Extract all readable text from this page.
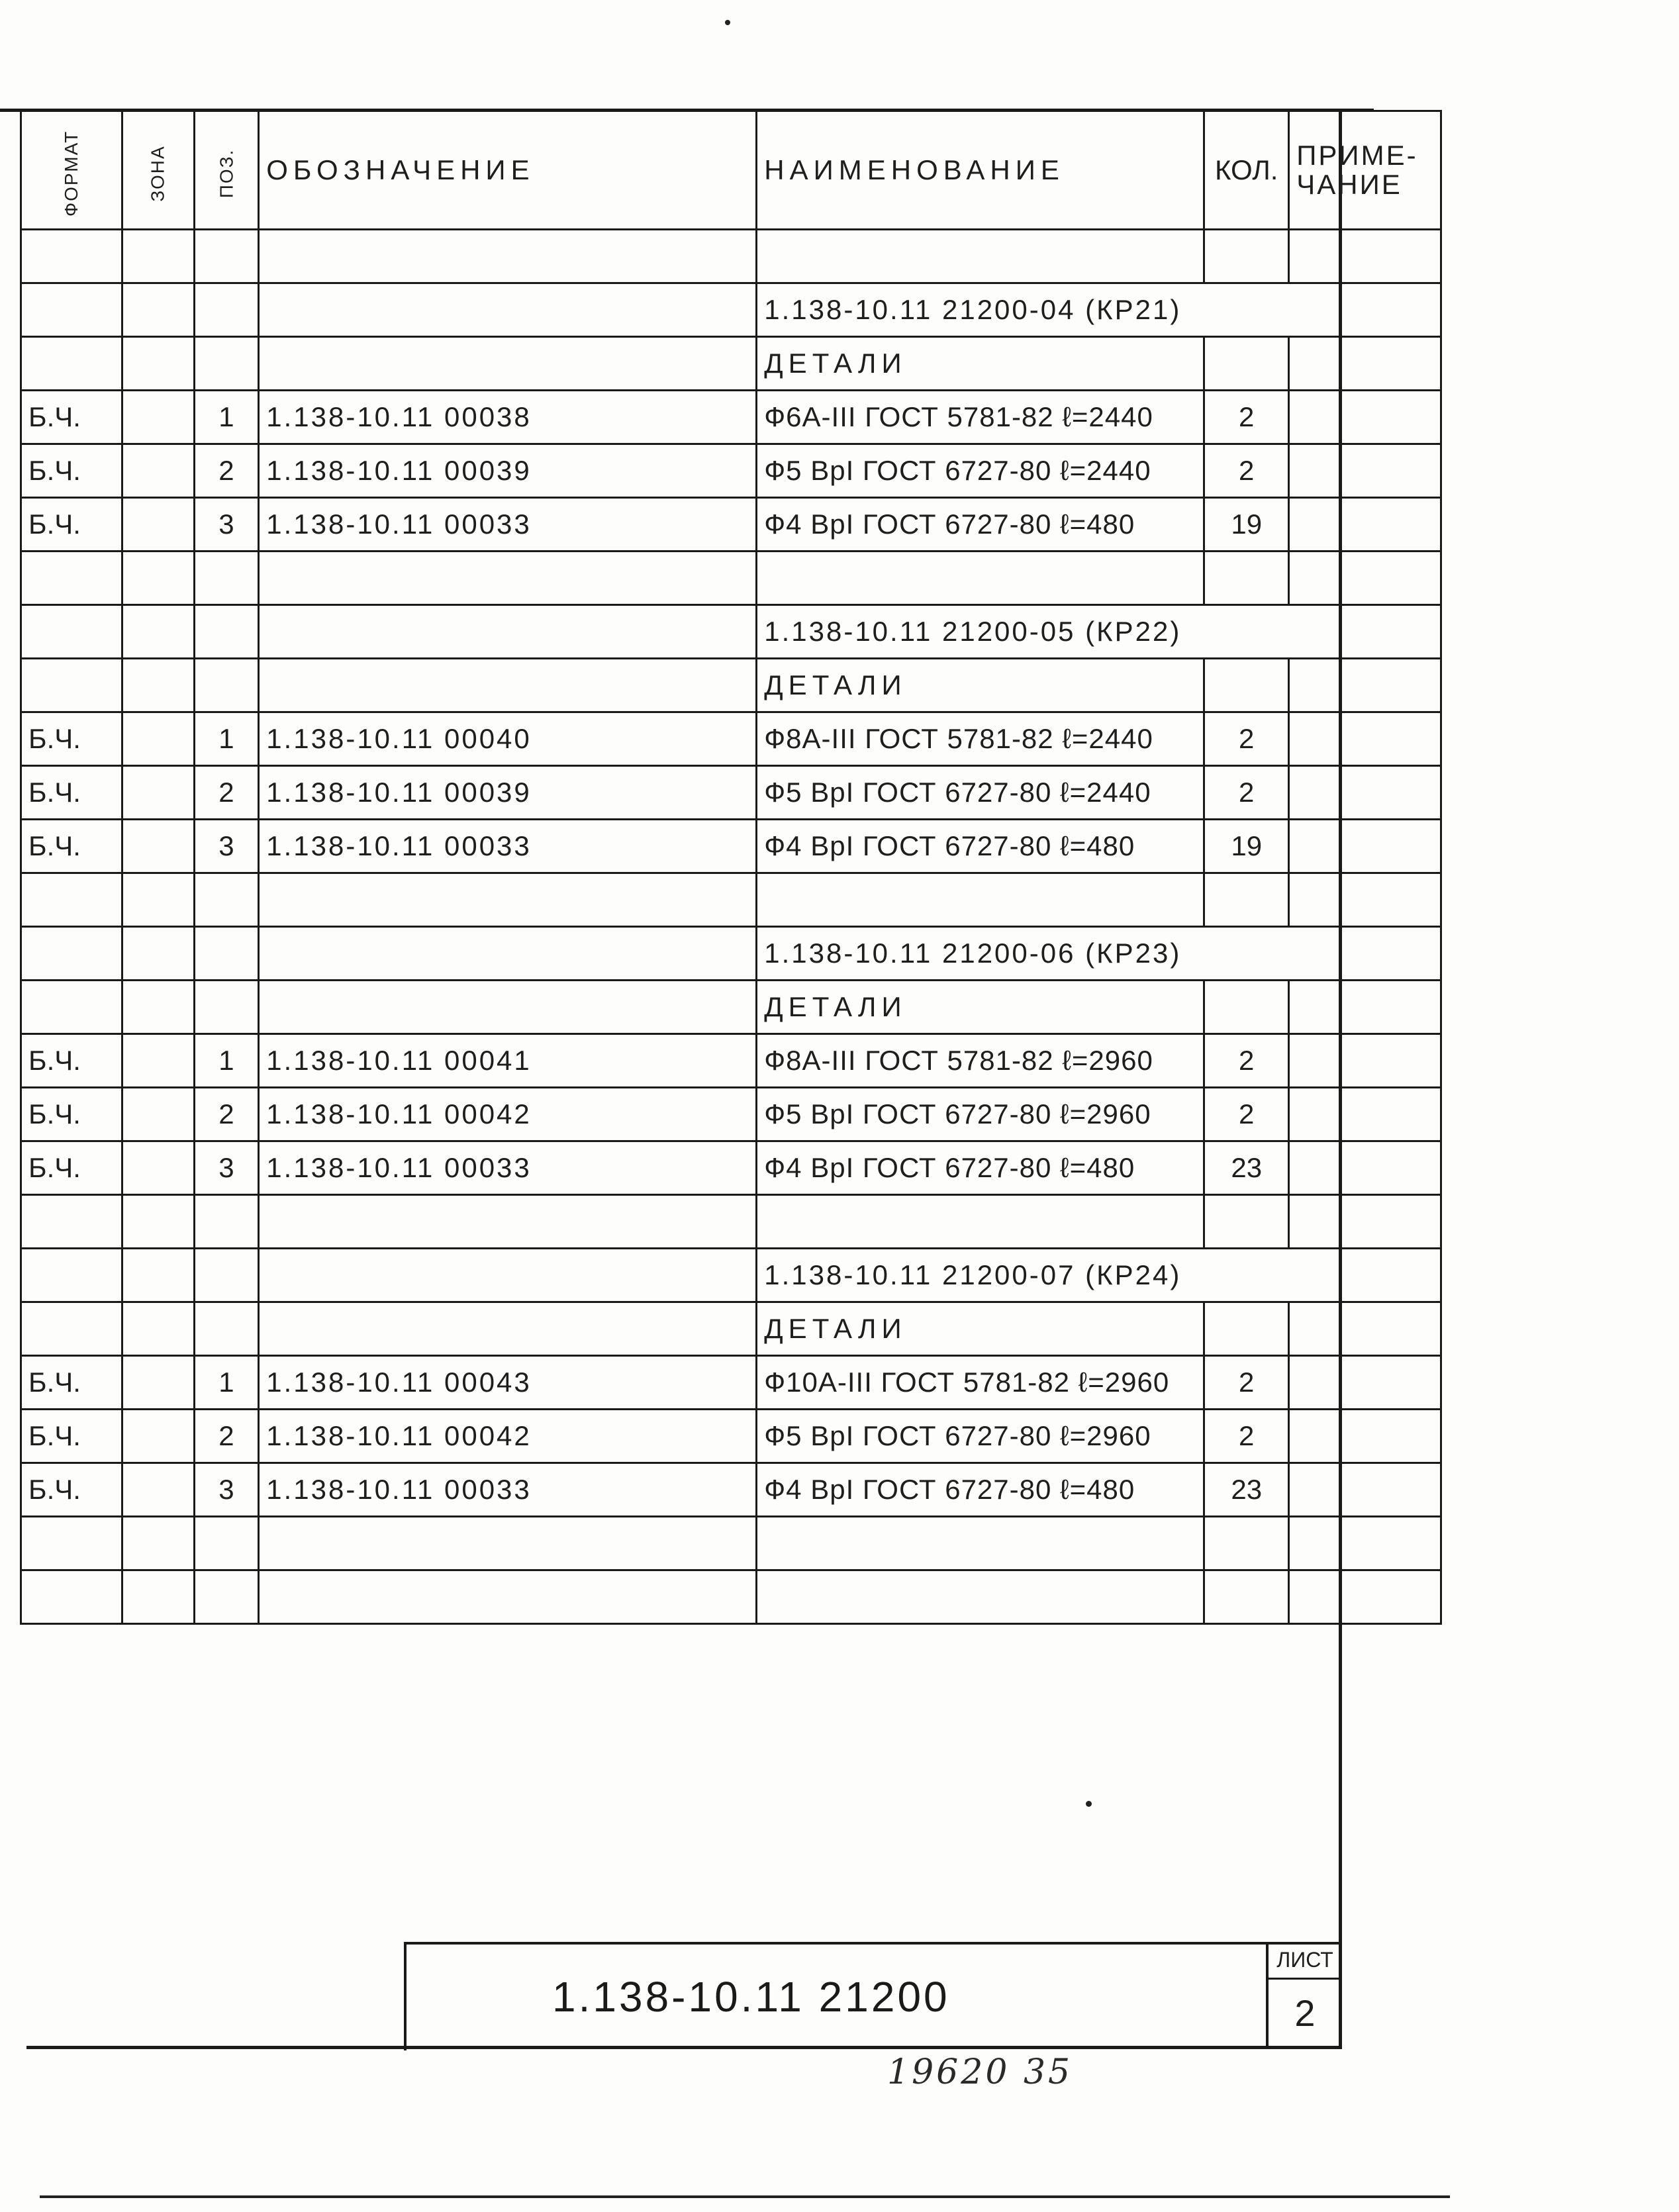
ФОРМАТ	ЗОНА	ПОЗ.	ОБОЗНАЧЕНИЕ	НАИМЕНОВАНИЕ	КОЛ.	ПРИМЕ-
ЧАНИЕ

				1.138-10.11 21200-04 (КР21)		
				ДЕТАЛИ		
Б.Ч.		1	1.138-10.11 00038	Ф6А-III ГОСТ 5781-82 ℓ=2440	2	
Б.Ч.		2	1.138-10.11 00039	Ф5 ВрI ГОСТ 6727-80 ℓ=2440	2	
Б.Ч.		3	1.138-10.11 00033	Ф4 ВрI ГОСТ 6727-80 ℓ=480	19	

				1.138-10.11 21200-05 (КР22)		
				ДЕТАЛИ		
Б.Ч.		1	1.138-10.11 00040	Ф8А-III ГОСТ 5781-82 ℓ=2440	2	
Б.Ч.		2	1.138-10.11 00039	Ф5 ВрI ГОСТ 6727-80 ℓ=2440	2	
Б.Ч.		3	1.138-10.11 00033	Ф4 ВрI ГОСТ 6727-80 ℓ=480	19	

				1.138-10.11 21200-06 (КР23)		
				ДЕТАЛИ		
Б.Ч.		1	1.138-10.11 00041	Ф8А-III ГОСТ 5781-82 ℓ=2960	2	
Б.Ч.		2	1.138-10.11 00042	Ф5 ВрI ГОСТ 6727-80 ℓ=2960	2	
Б.Ч.		3	1.138-10.11 00033	Ф4 ВрI ГОСТ 6727-80 ℓ=480	23	

				1.138-10.11 21200-07 (КР24)		
				ДЕТАЛИ		
Б.Ч.		1	1.138-10.11 00043	Ф10А-III ГОСТ 5781-82 ℓ=2960	2	
Б.Ч.		2	1.138-10.11 00042	Ф5 ВрI ГОСТ 6727-80 ℓ=2960	2	
Б.Ч.		3	1.138-10.11 00033	Ф4 ВрI ГОСТ 6727-80 ℓ=480	23	

1.138-10.11 21200
ЛИСТ
2
19620 35
